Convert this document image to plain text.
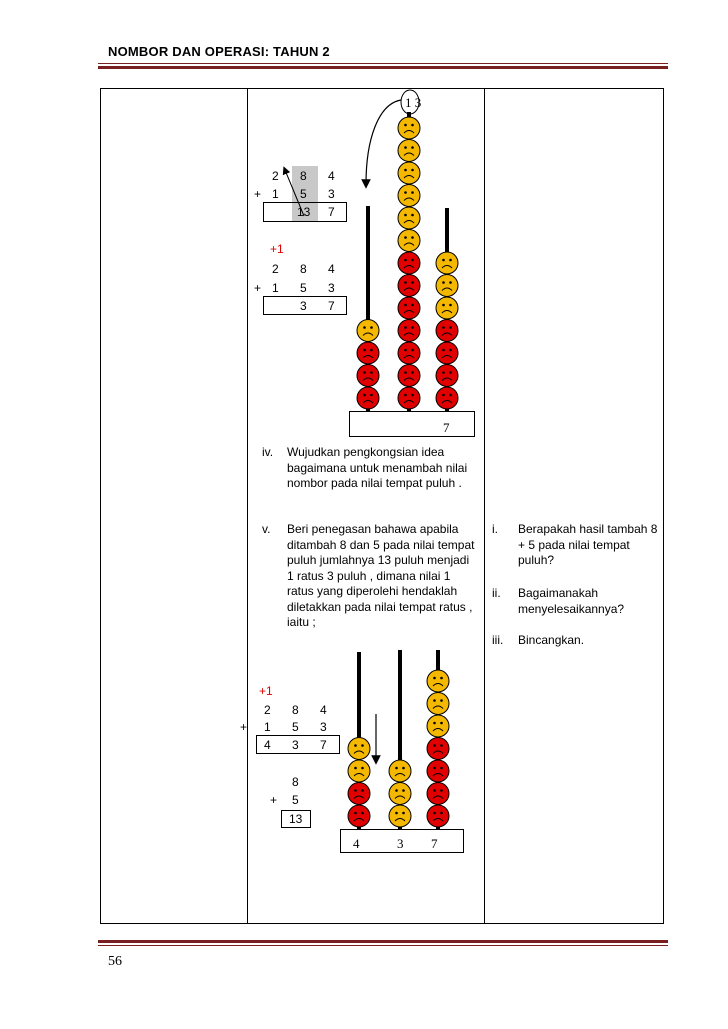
NOMBOR DAN OPERASI: TAHUN 2
2 8 4
+ 1 5 3
13 7
+1
2 8 4
+ 1 5 3
3 7
1 3
7
iv. Wujudkan pengkongsian idea bagaimana untuk menambah nilai nombor pada nilai tempat puluh .
v. Beri penegasan bahawa apabila ditambah 8 dan 5 pada nilai tempat puluh jumlahnya 13 puluh menjadi 1 ratus 3 puluh , dimana nilai 1 ratus yang diperolehi hendaklah diletakkan pada nilai tempat ratus , iaitu ;
i. Berapakah hasil tambah 8 + 5 pada nilai tempat puluh?
ii. Bagaimanakah menyelesaikannya?
iii. Bincangkan.
+1
2 8 4
+ 1 5 3
4 3 7
8
+ 5
13
4	3 7
56
